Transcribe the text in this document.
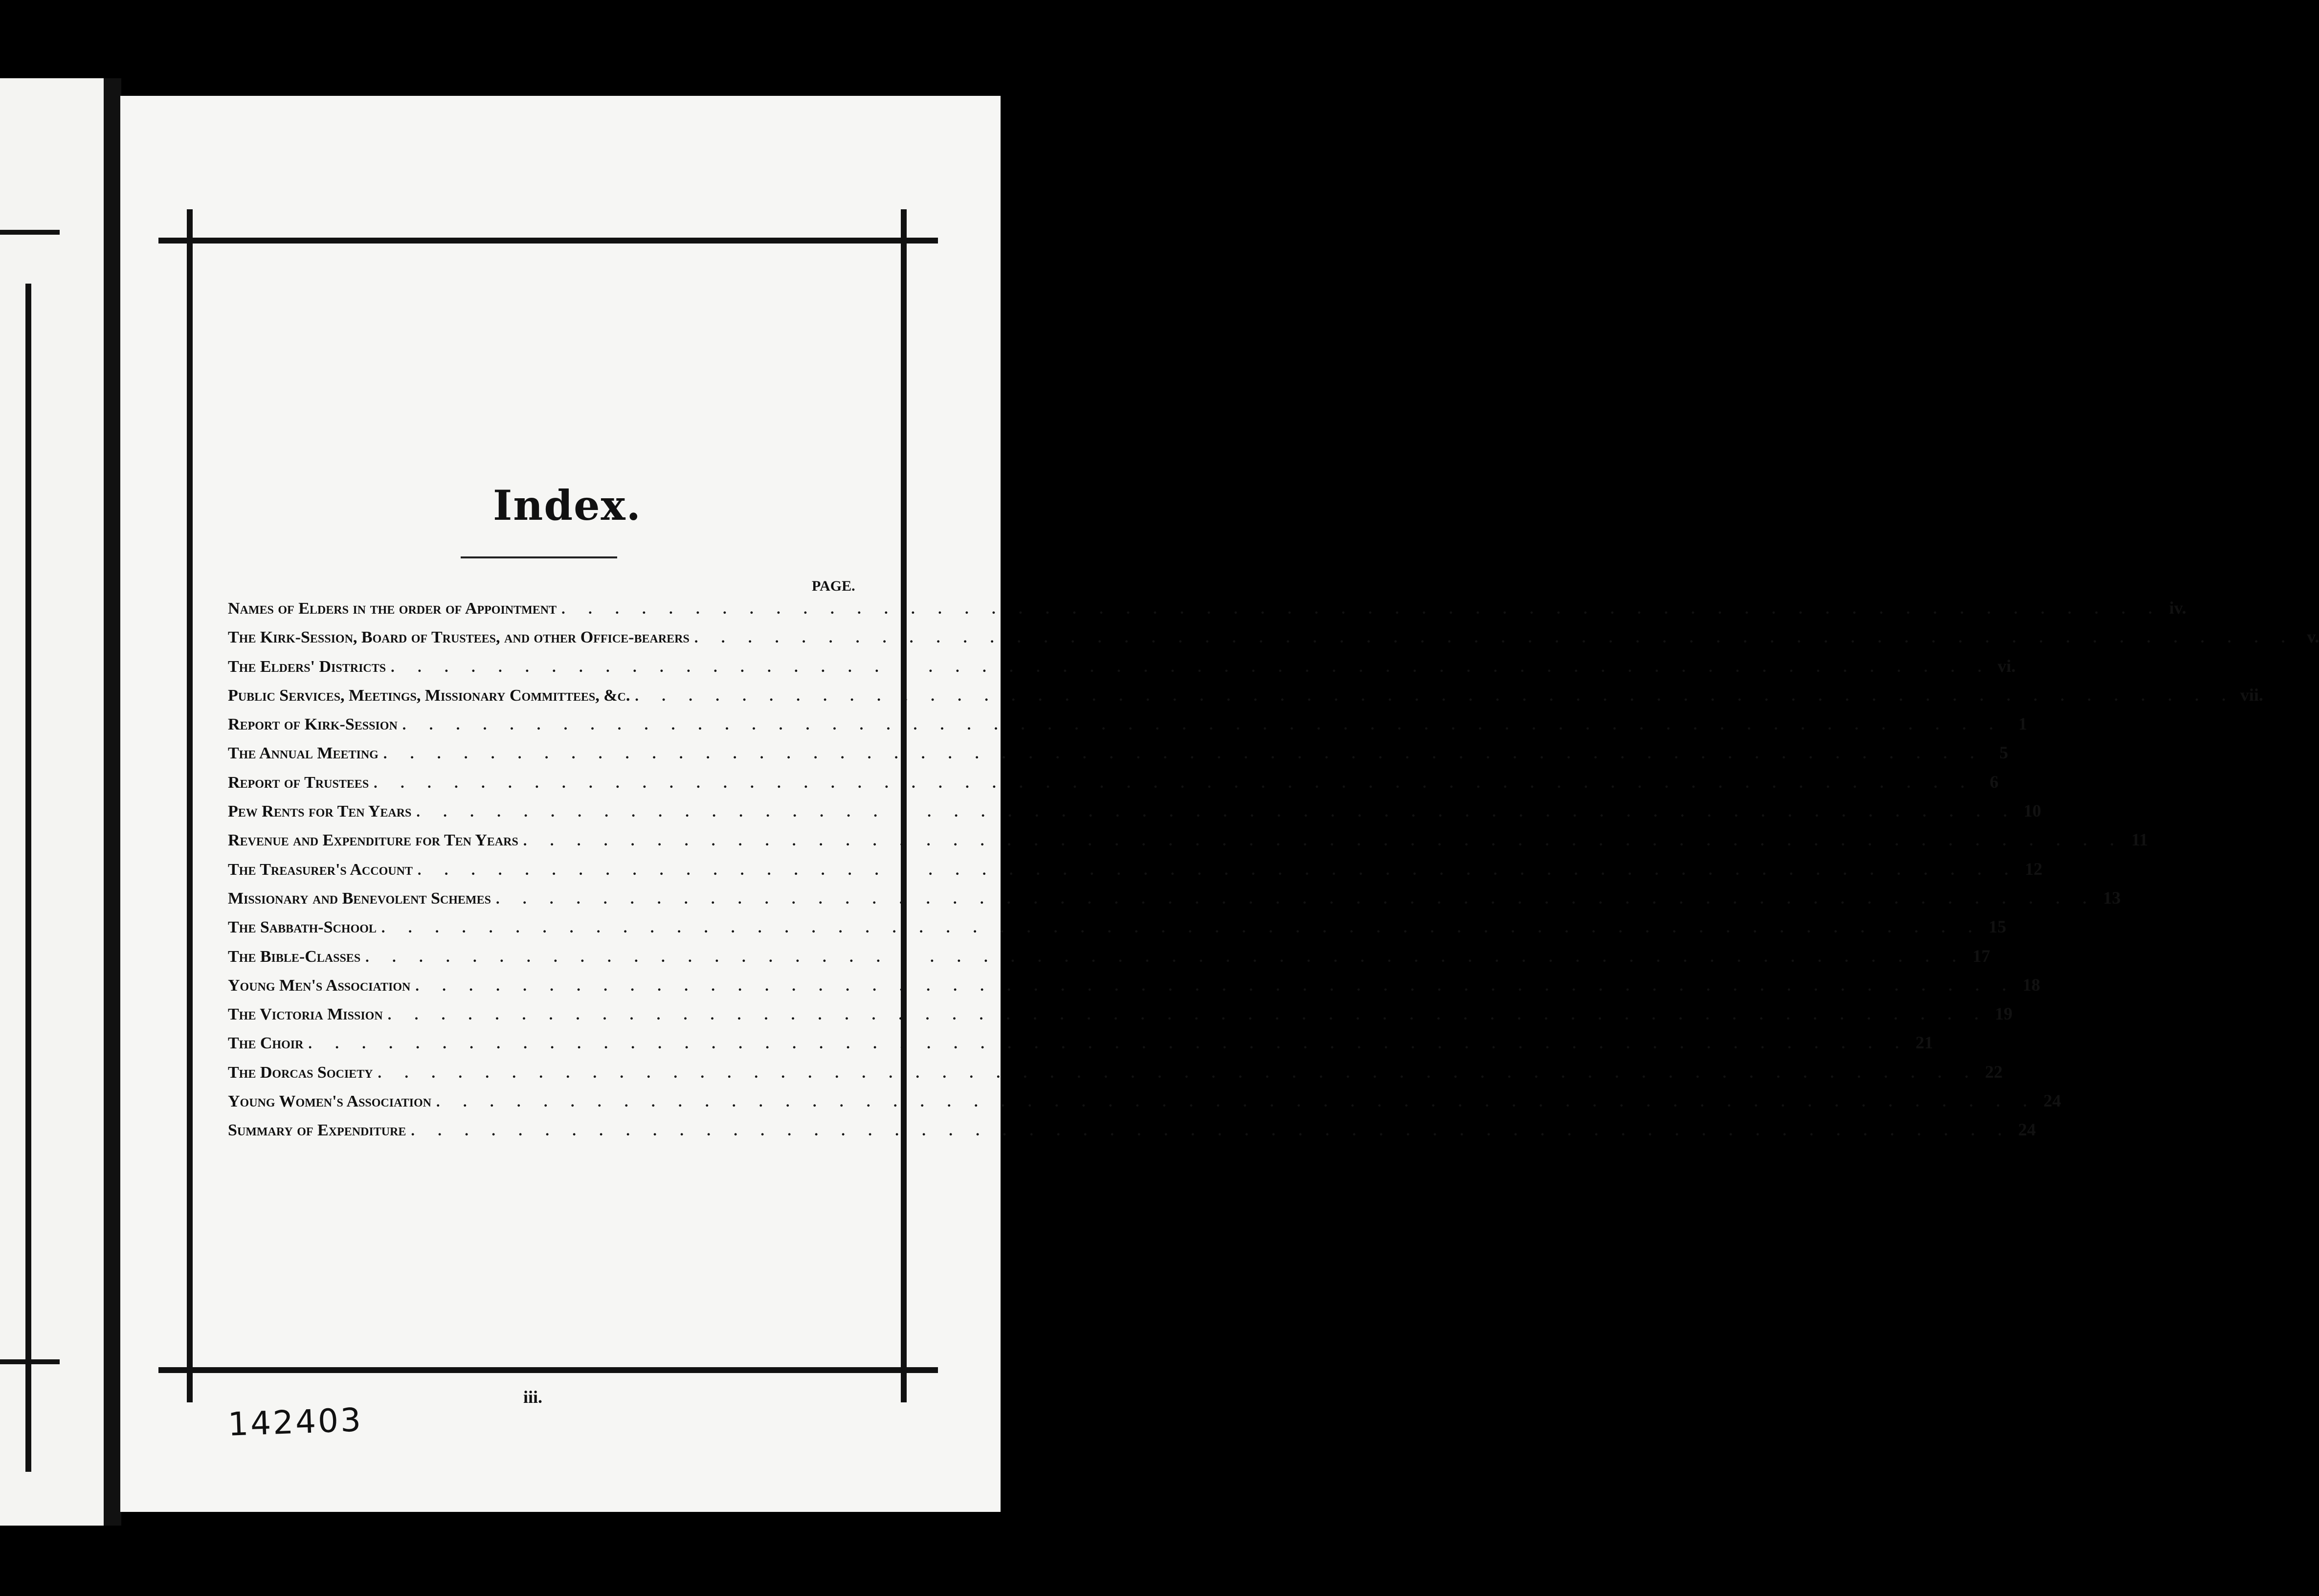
Index.
PAGE.
Names of Elders in the order of Appointment . . . . . . . . . . . . . . . . . . . . . . . . . . . . . . . . . . . . . . . . . . . . . . . . . . . . . . . . . . . . iv.
The Kirk-Session, Board of Trustees, and other Office-bearers . . . . . . . . . . . . . . . . . . . . . . . . . . . . . . . . . . . . . . . . . . . . . . . . . . . . . . . . . . . . v.
The Elders' Districts . . . . . . . . . . . . . . . . . . . . . . . . . . . . . . . . . . . . . . . . . . . . . . . . . . . . . . . . . . . . vi.
Public Services, Meetings, Missionary Committees, &c. . . . . . . . . . . . . . . . . . . . . . . . . . . . . . . . . . . . . . . . . . . . . . . . . . . . . . . . . . . . . vii.
Report of Kirk-Session . . . . . . . . . . . . . . . . . . . . . . . . . . . . . . . . . . . . . . . . . . . . . . . . . . . . . . . . . . . . 1
The Annual Meeting . . . . . . . . . . . . . . . . . . . . . . . . . . . . . . . . . . . . . . . . . . . . . . . . . . . . . . . . . . . . 5
Report of Trustees . . . . . . . . . . . . . . . . . . . . . . . . . . . . . . . . . . . . . . . . . . . . . . . . . . . . . . . . . . . . 6
Pew Rents for Ten Years . . . . . . . . . . . . . . . . . . . . . . . . . . . . . . . . . . . . . . . . . . . . . . . . . . . . . . . . . . . . 10
Revenue and Expenditure for Ten Years . . . . . . . . . . . . . . . . . . . . . . . . . . . . . . . . . . . . . . . . . . . . . . . . . . . . . . . . . . . . 11
The Treasurer's Account . . . . . . . . . . . . . . . . . . . . . . . . . . . . . . . . . . . . . . . . . . . . . . . . . . . . . . . . . . . . 12
Missionary and Benevolent Schemes . . . . . . . . . . . . . . . . . . . . . . . . . . . . . . . . . . . . . . . . . . . . . . . . . . . . . . . . . . . . 13
The Sabbath-School . . . . . . . . . . . . . . . . . . . . . . . . . . . . . . . . . . . . . . . . . . . . . . . . . . . . . . . . . . . . 15
The Bible-Classes . . . . . . . . . . . . . . . . . . . . . . . . . . . . . . . . . . . . . . . . . . . . . . . . . . . . . . . . . . . . 17
Young Men's Association . . . . . . . . . . . . . . . . . . . . . . . . . . . . . . . . . . . . . . . . . . . . . . . . . . . . . . . . . . . . 18
The Victoria Mission . . . . . . . . . . . . . . . . . . . . . . . . . . . . . . . . . . . . . . . . . . . . . . . . . . . . . . . . . . . . 19
The Choir . . . . . . . . . . . . . . . . . . . . . . . . . . . . . . . . . . . . . . . . . . . . . . . . . . . . . . . . . . . . 21
The Dorcas Society . . . . . . . . . . . . . . . . . . . . . . . . . . . . . . . . . . . . . . . . . . . . . . . . . . . . . . . . . . . . 22
Young Women's Association . . . . . . . . . . . . . . . . . . . . . . . . . . . . . . . . . . . . . . . . . . . . . . . . . . . . . . . . . . . . 24
Summary of Expenditure . . . . . . . . . . . . . . . . . . . . . . . . . . . . . . . . . . . . . . . . . . . . . . . . . . . . . . . . . . . . 24
iii.
142403
